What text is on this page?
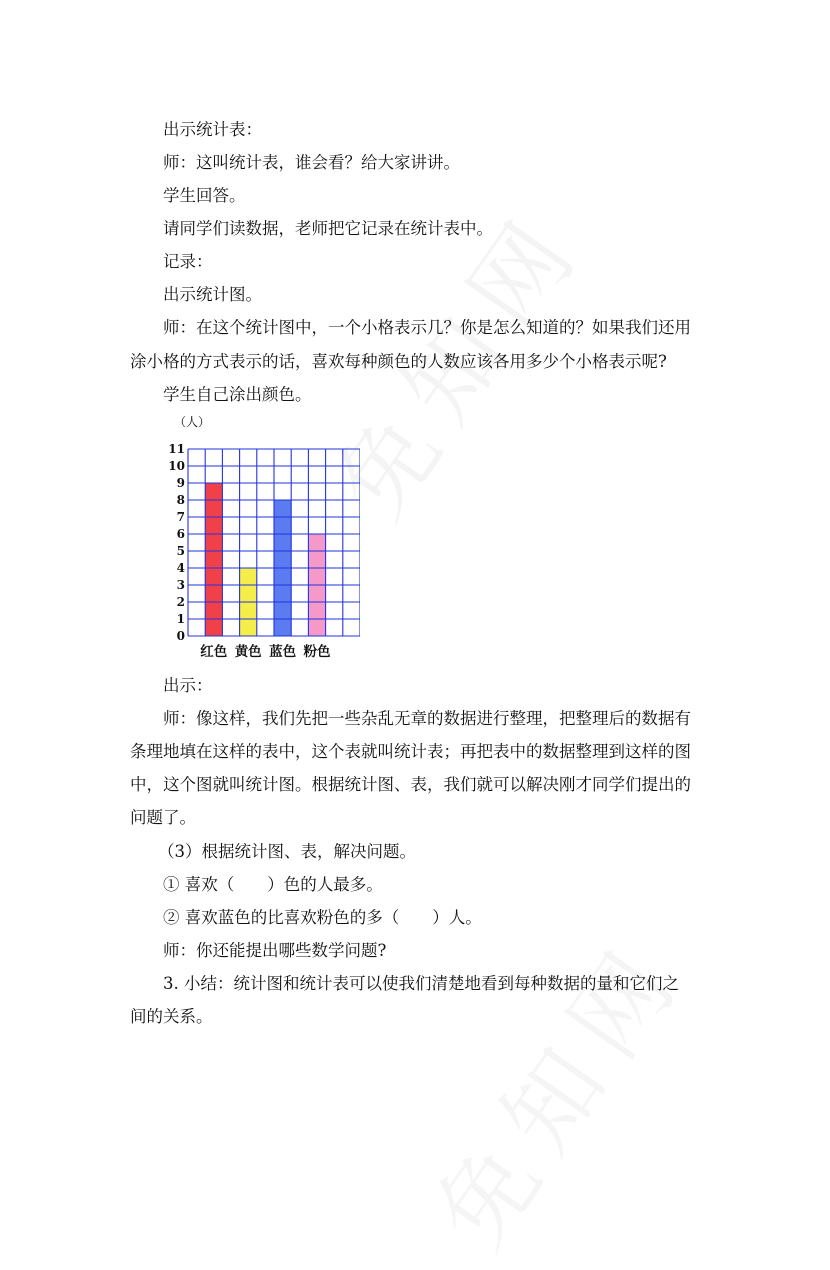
出示统计表：

师：这叫统计表，谁会看？给大家讲讲。

学生回答。

请同学们读数据，老师把它记录在统计表中。

记录：

出示统计图。

师：在这个统计图中，一个小格表示几？你是怎么知道的？如果我们还用

涂小格的方式表示的话，喜欢每种颜色的人数应该各用多少个小格表示呢?

学生自己涂出颜色。

（人）
0
1
2
3
4
5
6
7
8
9
10
11
红色 黄色 蓝色 粉色

出示：

师：像这样，我们先把一些杂乱无章的数据进行整理，把整理后的数据有

条理地填在这样的表中，这个表就叫统计表；再把表中的数据整理到这样的图

中，这个图就叫统计图。根据统计图、表，我们就可以解决刚才同学们提出的

问题了。

（3）根据统计图、表，解决问题。

① 喜欢（　　）色的人最多。

② 喜欢蓝色的比喜欢粉色的多（　　）人。

师：你还能提出哪些数学问题?

3. 小结：统计图和统计表可以使我们清楚地看到每种数据的量和它们之

间的关系。
